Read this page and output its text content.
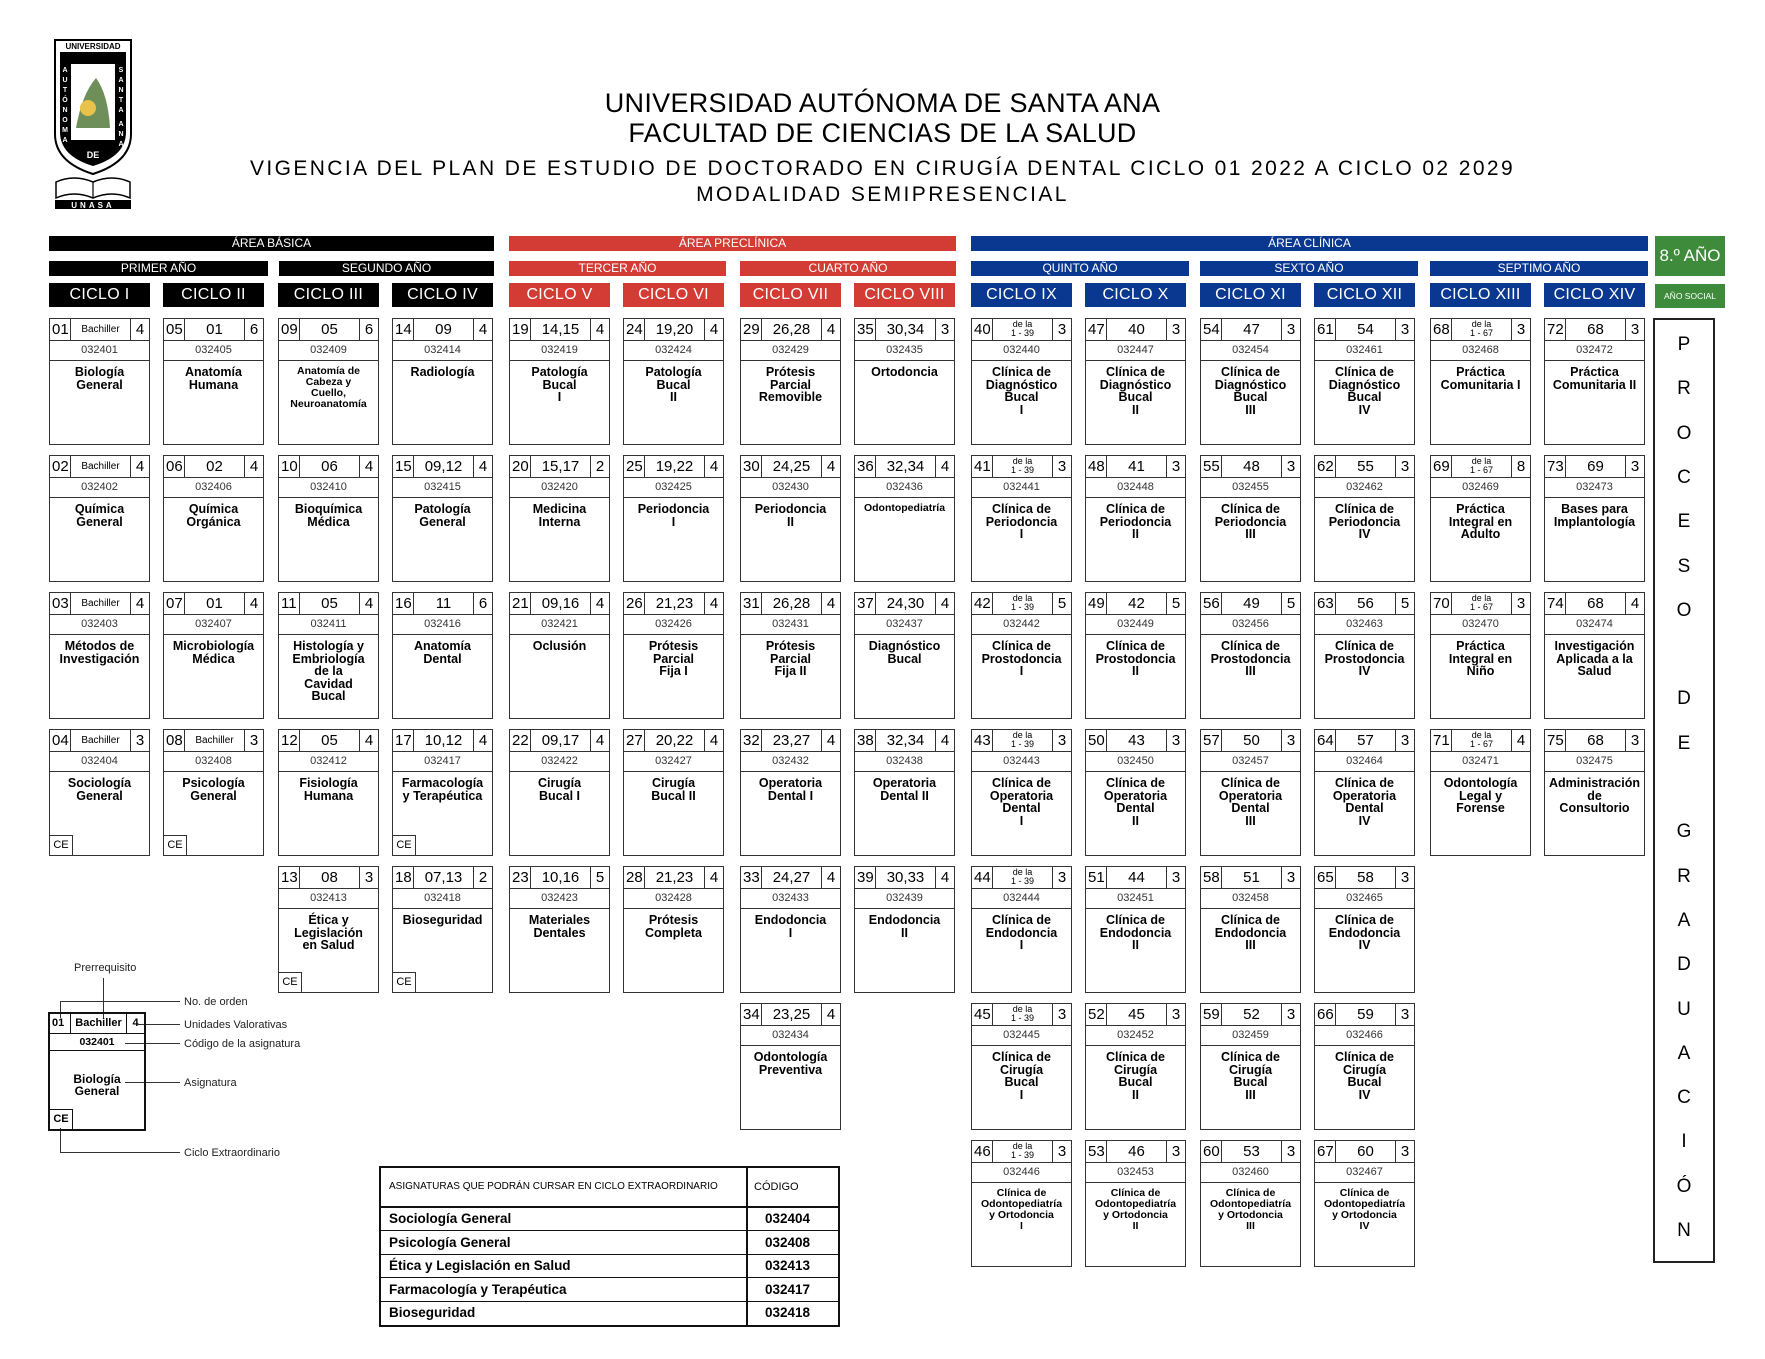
UNIVERSIDAD
DE
A
U
T
Ó
N
O
M
A
S
A
N
T
A
A
N
A
UNASA
UNIVERSIDAD AUTÓNOMA DE SANTA ANA
FACULTAD DE CIENCIAS DE LA SALUD
VIGENCIA DEL PLAN DE ESTUDIO DE DOCTORADO EN CIRUGÍA DENTAL CICLO 01 2022 A CICLO 02 2029
MODALIDAD SEMIPRESENCIAL
ÁREA BÁSICA	ÁREA PRECLÍNICA	ÁREA CLÍNICA
PRIMER AÑO	SEGUNDO AÑO	TERCER AÑO	CUARTO AÑO	QUINTO AÑO	SEXTO AÑO	SEPTIMO AÑO
8.º AÑO
AÑO SOCIAL
CICLO I	CICLO II	CICLO III	CICLO IV	CICLO V	CICLO VI	CICLO VII	CICLO VIII	CICLO IX	CICLO X	CICLO XI	CICLO XII	CICLO XIII	CICLO XIV
01	Bachiller	4
032401
Biología
General
02	Bachiller	4
032402
Química
General
03	Bachiller	4
032403
Métodos de
Investigación
04	Bachiller	3
032404
Sociología
General
CE
05	01	6
032405
Anatomía
Humana
06	02	4
032406
Química
Orgánica
07	01	4
032407
Microbiología
Médica
08	Bachiller	3
032408
Psicología
General
CE
09	05	6
032409
Anatomía de
Cabeza y
Cuello,
Neuroanatomía
10	06	4
032410
Bioquímica
Médica
11	05	4
032411
Histología y
Embriología
de la
Cavidad
Bucal
12	05	4
032412
Fisiología
Humana
13	08	3
032413
Ética y
Legislación
en Salud
CE
14	09	4
032414
Radiología
15 09,12	4
032415
Patología
General
16	11	6
032416
Anatomía
Dental
17 10,12	4
032417
Farmacología
y Terapéutica
CE
18 07,13	2
032418
Bioseguridad
CE
19 14,15	4
032419
Patología
Bucal
I
20 15,17	2
032420
Medicina
Interna
21 09,16	4
032421
Oclusión
22 09,17	4
032422
Cirugía
Bucal I
23 10,16	5
032423
Materiales
Dentales
24 19,20	4
032424
Patología
Bucal
II
25 19,22	4
032425
Periodoncia
I
26 21,23	4
032426
Prótesis
Parcial
Fija I
27 20,22	4
032427
Cirugía
Bucal II
28 21,23	4
032428
Prótesis
Completa
29 26,28	4
032429
Prótesis
Parcial
Removible
30 24,25	4
032430
Periodoncia
II
31 26,28	4
032431
Prótesis
Parcial
Fija II
32 23,27	4
032432
Operatoria
Dental I
33 24,27	4
032433
Endodoncia
I
34 23,25	4
032434
Odontología
Preventiva
35 30,34	3
032435
Ortodoncia
36 32,34	4
032436
Odontopediatría
37 24,30	4
032437
Diagnóstico
Bucal
38 32,34	4
032438
Operatoria
Dental II
39 30,33	4
032439
Endodoncia
II
40	de la
1 - 39	3
032440
Clínica de
Diagnóstico
Bucal
I
41	de la
1 - 39	3
032441
Clínica de
Periodoncia
I
42	de la
1 - 39	5
032442
Clínica de
Prostodoncia
I
43	de la
1 - 39	3
032443
Clínica de
Operatoria
Dental
I
44	de la
1 - 39	3
032444
Clínica de
Endodoncia
I
45	de la
1 - 39	3
032445
Clínica de
Cirugía
Bucal
I
46	de la
1 - 39	3
032446
Clínica de
Odontopediatría
y Ortodoncia
I
47	40	3
032447
Clínica de
Diagnóstico
Bucal
II
48	41	3
032448
Clínica de
Periodoncia
II
49	42	5
032449
Clínica de
Prostodoncia
II
50	43	3
032450
Clínica de
Operatoria
Dental
II
51	44	3
032451
Clínica de
Endodoncia
II
52	45	3
032452
Clínica de
Cirugía
Bucal
II
53	46	3
032453
Clínica de
Odontopediatría
y Ortodoncia
II
54	47	3
032454
Clínica de
Diagnóstico
Bucal
III
55	48	3
032455
Clínica de
Periodoncia
III
56	49	5
032456
Clínica de
Prostodoncia
III
57	50	3
032457
Clínica de
Operatoria
Dental
III
58	51	3
032458
Clínica de
Endodoncia
III
59	52	3
032459
Clínica de
Cirugía
Bucal
III
60	53	3
032460
Clínica de
Odontopediatría
y Ortodoncia
III
61	54	3
032461
Clínica de
Diagnóstico
Bucal
IV
62	55	3
032462
Clínica de
Periodoncia
IV
63	56	5
032463
Clínica de
Prostodoncia
IV
64	57	3
032464
Clínica de
Operatoria
Dental
IV
65	58	3
032465
Clínica de
Endodoncia
IV
66	59	3
032466
Clínica de
Cirugía
Bucal
IV
67	60	3
032467
Clínica de
Odontopediatría
y Ortodoncia
IV
68	de la
1 - 67	3
032468
Práctica
Comunitaria I
69	de la
1 - 67	8
032469
Práctica
Integral en
Adulto
70	de la
1 - 67	3
032470
Práctica
Integral en
Niño
71	de la
1 - 67	4
032471
Odontología
Legal y
Forense
72	68	3
032472
Práctica
Comunitaria II
73	69	3
032473
Bases para
Implantología
74	68	4
032474
Investigación
Aplicada a la
Salud
75	68	3
032475
Administración
de
Consultorio
P
R
O
C
E
S
O
D
E
G
R
A
D
U
A
C
I
Ó
N
Prerrequisito
No. de orden
Unidades Valorativas
Código de la asignatura
Asignatura
Ciclo Extraordinario
01	Bachiller 4
032401
Biología
General
CE
ASIGNATURAS QUE PODRÁN CURSAR EN CICLO EXTRAORDINARIO	CÓDIGO
Sociología General	032404
Psicología General	032408
Ética y Legislación en Salud	032413
Farmacología y Terapéutica	032417
Bioseguridad	032418
